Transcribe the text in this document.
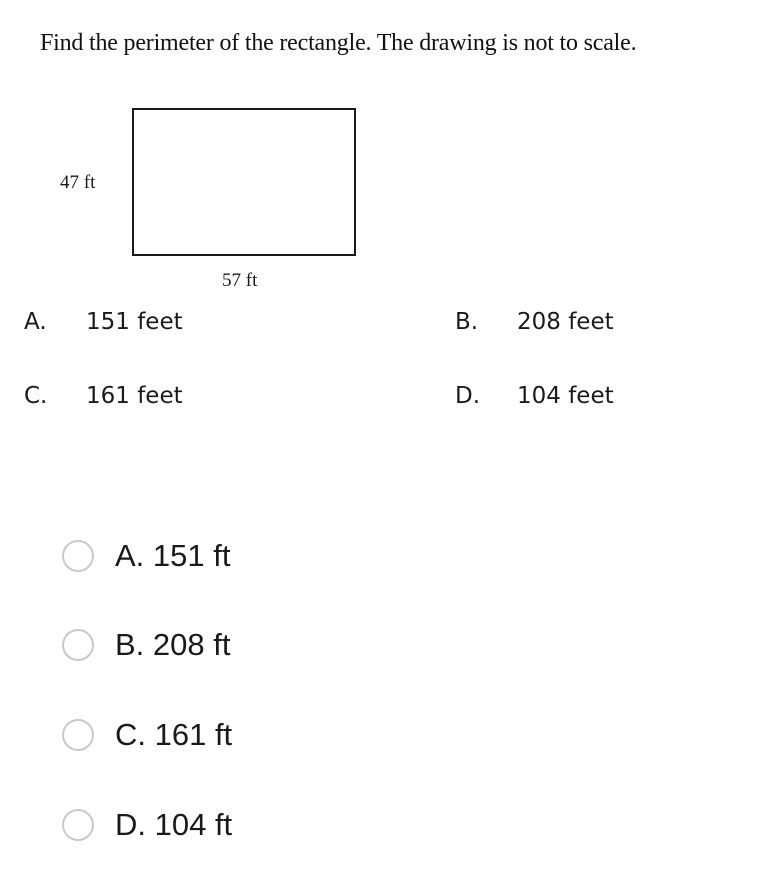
Find the perimeter of the rectangle. The drawing is not to scale.
47 ft
57 ft
A. 151 feet	B. 208 feet
C. 161 feet	D. 104 feet
A. 151 ft
B. 208 ft
C. 161 ft
D. 104 ft
